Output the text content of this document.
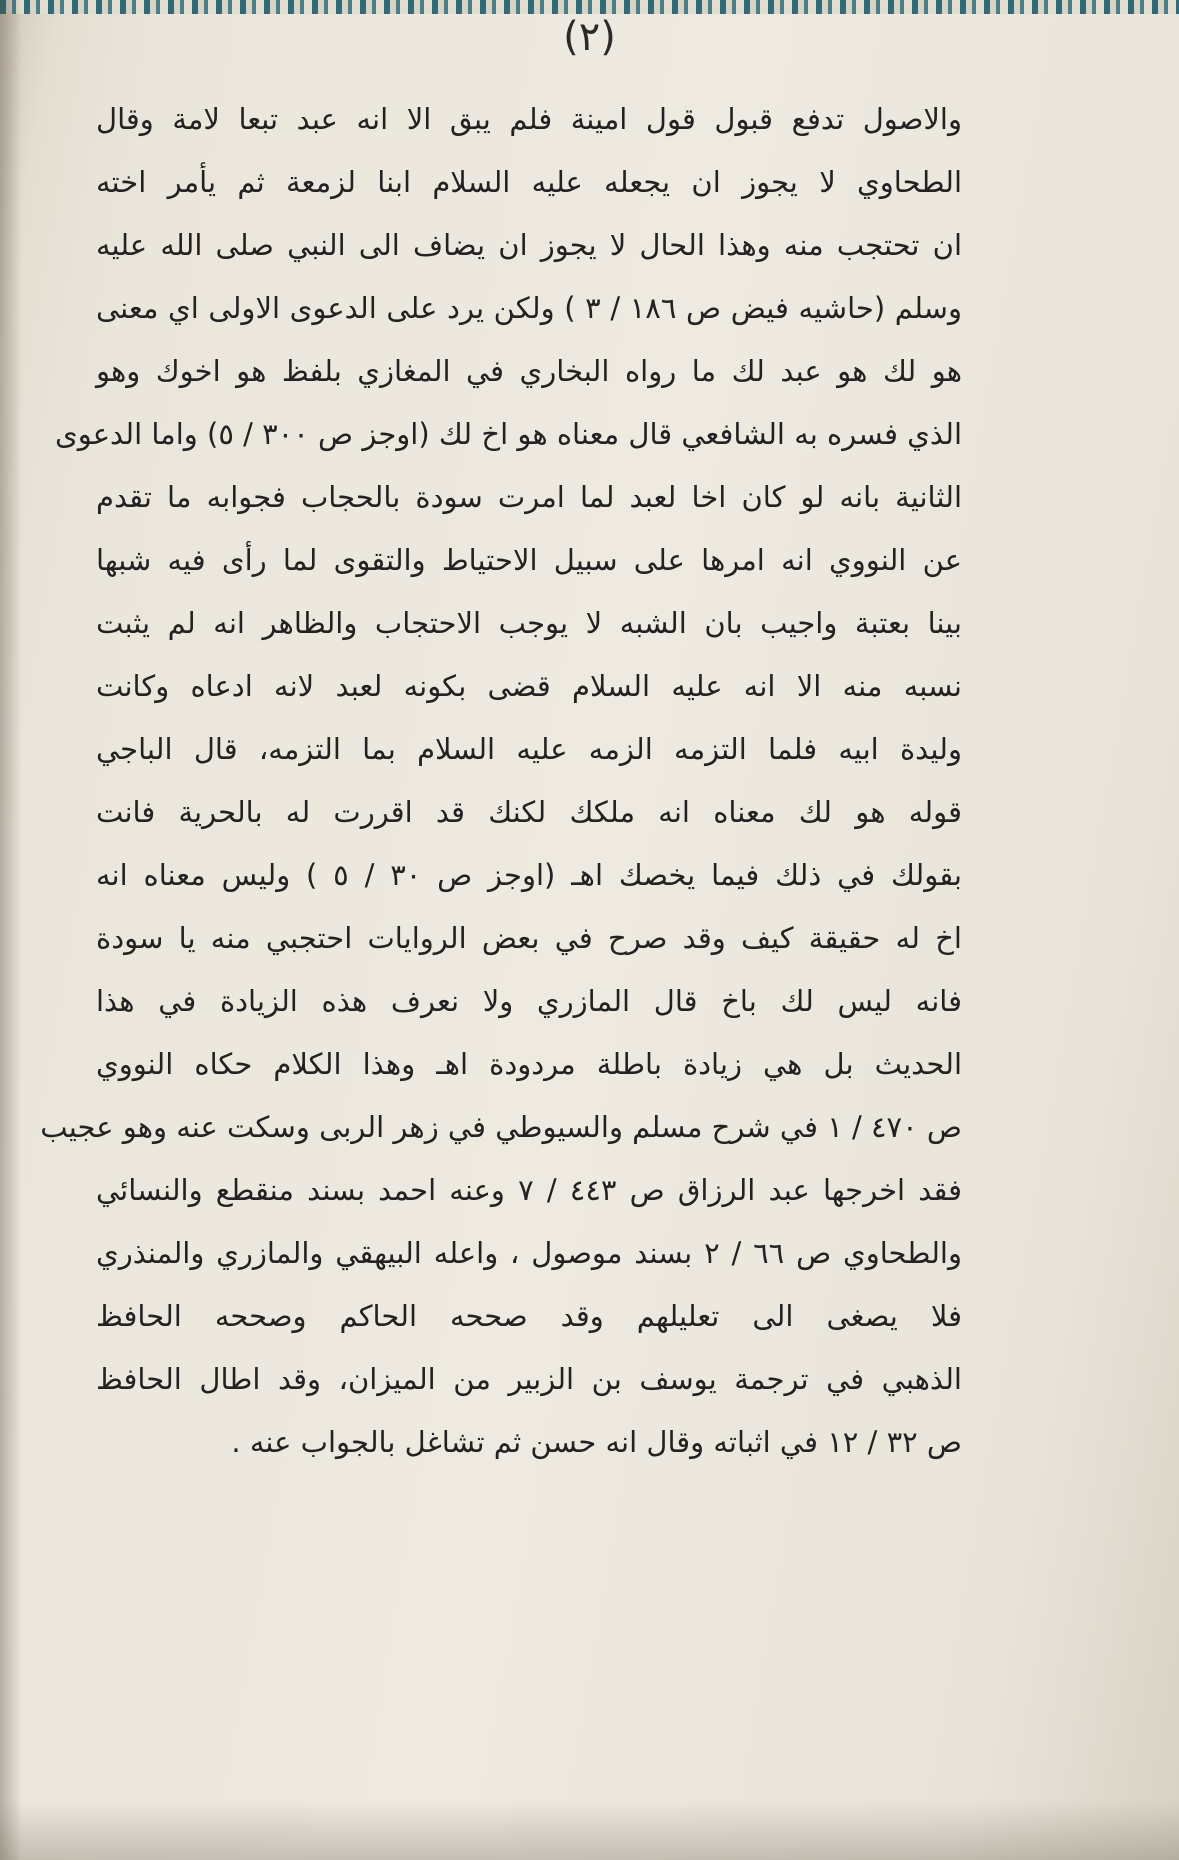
(٢)
والاصول تدفع قبول قول امينة فلم يبق الا انه عبد تبعا لامة وقال
الطحاوي لا يجوز ان يجعله عليه السلام ابنا لزمعة ثم يأمر اخته
ان تحتجب منه وهذا الحال لا يجوز ان يضاف الى النبي صلى الله عليه
وسلم (حاشيه فيض ص ١٨٦ / ٣ ) ولكن يرد على الدعوى الاولى اي معنى
هو لك هو عبد لك ما رواه البخاري في المغازي بلفظ هو اخوك وهو
الذي فسره به الشافعي قال معناه هو اخ لك (اوجز ص ٣٠٠ / ٥) واما الدعوى
الثانية بانه لو كان اخا لعبد لما امرت سودة بالحجاب فجوابه ما تقدم
عن النووي انه امرها على سبيل الاحتياط والتقوى لما رأى فيه شبها
بينا بعتبة واجيب بان الشبه لا يوجب الاحتجاب والظاهر انه لم يثبت
نسبه منه الا انه عليه السلام قضى بكونه لعبد لانه ادعاه وكانت
وليدة ابيه فلما التزمه الزمه عليه السلام بما التزمه، قال الباجي
قوله هو لك معناه انه ملكك لكنك قد اقررت له بالحرية فانت
بقولك في ذلك فيما يخصك اهـ (اوجز ص ٣٠ / ٥ ) وليس معناه انه
اخ له حقيقة كيف وقد صرح في بعض الروايات احتجبي منه يا سودة
فانه ليس لك باخ قال المازري ولا نعرف هذه الزيادة في هذا
الحديث بل هي زيادة باطلة مردودة اهـ وهذا الكلام حكاه النووي
ص ٤٧٠ / ١ في شرح مسلم والسيوطي في زهر الربى وسكت عنه وهو عجيب
فقد اخرجها عبد الرزاق ص ٤٤٣ / ٧ وعنه احمد بسند منقطع والنسائي
والطحاوي ص ٦٦ / ٢ بسند موصول ، واعله البيهقي والمازري والمنذري
فلا يصغى الى تعليلهم وقد صححه الحاكم وصححه الحافظ
الذهبي في ترجمة يوسف بن الزبير من الميزان، وقد اطال الحافظ
ص ٣٢ / ١٢ في اثباته وقال انه حسن ثم تشاغل بالجواب عنه .
